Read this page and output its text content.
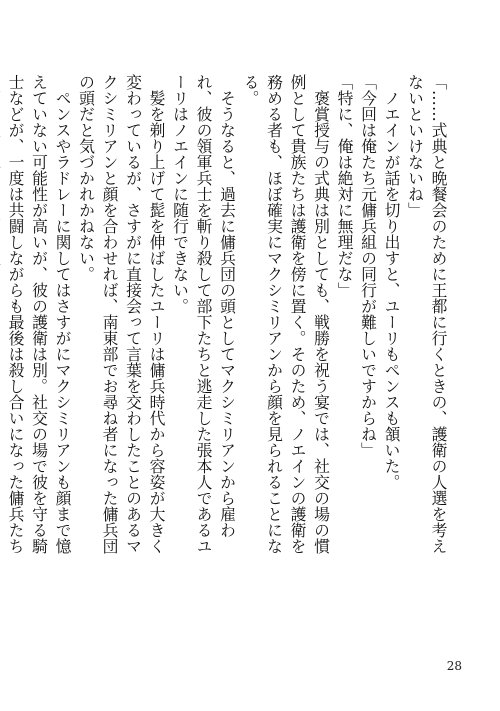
「……式典と晩餐会のために王都に行くときの、護衛の人選を考えないといけないね」

　ノエインが話を切り出すと、ユーリもペンスも頷いた。

「今回は俺たち元傭兵組の同行が難しいですからね」

「特に、俺は絶対に無理だな」

　褒賞授与の式典は別としても、戦勝を祝う宴では、社交の場の慣例として貴族たちは護衛を傍に置く。そのため、ノエインの護衛を務める者も、ほぼ確実にマクシミリアンから顔を見られることになる。

　そうなると、過去に傭兵団の頭としてマクシミリアンから雇われ、彼の領軍兵士を斬り殺して部下たちと逃走した張本人であるユーリはノエインに随行できない。

　髪を剃り上げて髭を伸ばしたユーリは傭兵時代から容姿が大きく変わっているが、さすがに直接会って言葉を交わしたことのあるマクシミリアンと顔を合わせれば、南東部でお尋ね者になった傭兵団の頭だと気づかれかねない。

　ペンスやラドレーに関してはさすがにマクシミリアンも顔まで憶えていない可能性が高いが、彼の護衛は別。社交の場で彼を守る騎士などが、一度は共闘しながらも最後は殺し合いになった傭兵たち

28
